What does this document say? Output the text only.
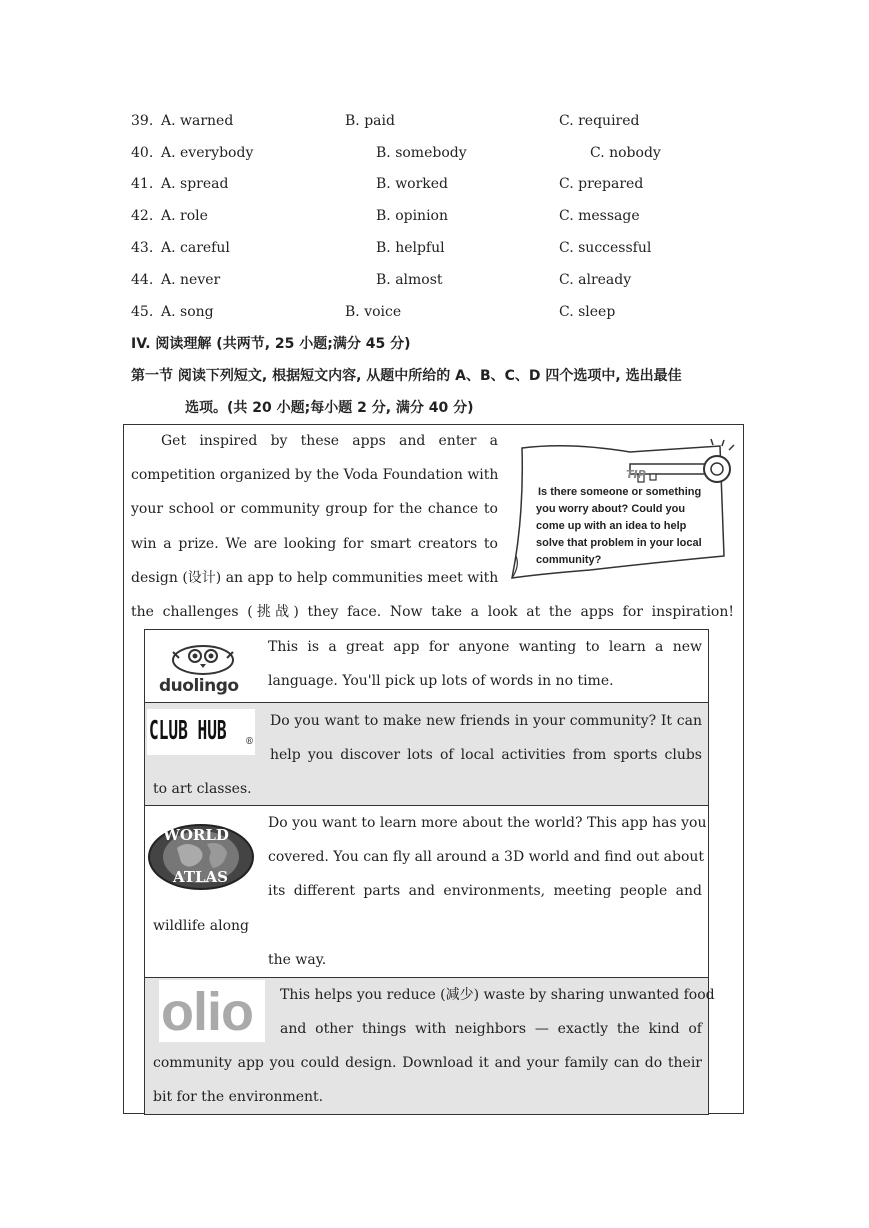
39. A. warned	B. paid	C. required
40. A. everybody	B. somebody	C. nobody
41. A. spread	B. worked	C. prepared
42. A. role	B. opinion	C. message
43. A. careful	B. helpful	C. successful
44. A. never	B. almost	C. already
45. A. song	B. voice	C. sleep
IV. 阅读理解 (共两节, 25 小题;满分 45 分)
第一节 阅读下列短文, 根据短文内容, 从题中所给的 A、B、C、D 四个选项中, 选出最佳
选项。(共 20 小题;每小题 2 分, 满分 40 分)
Get inspired by these apps and enter a
competition organized by the Voda Foundation with
your school or community group for the chance to
win a prize. We are looking for smart creators to
design (设计) an app to help communities meet with
the challenges (挑战) they face. Now take a look at the apps for inspiration!
TIP
Is there someone or something
you worry about? Could you
come up with an idea to help
solve that problem in your local
community?
duolingo
This is a great app for anyone wanting to learn a new
language. You'll pick up lots of words in no time.
CLUB HUB ®
Do you want to make new friends in your community? It can
help you discover lots of local activities from sports clubs
to art classes.
WORLD
ATLAS
Do you want to learn more about the world? This app has you
covered. You can fly all around a 3D world and find out about
its different parts and environments, meeting people and
wildlife along
the way.
olio This helps you reduce (减少) waste by sharing unwanted food
and other things with neighbors — exactly the kind of
community app you could design. Download it and your family can do their
bit for the environment.
